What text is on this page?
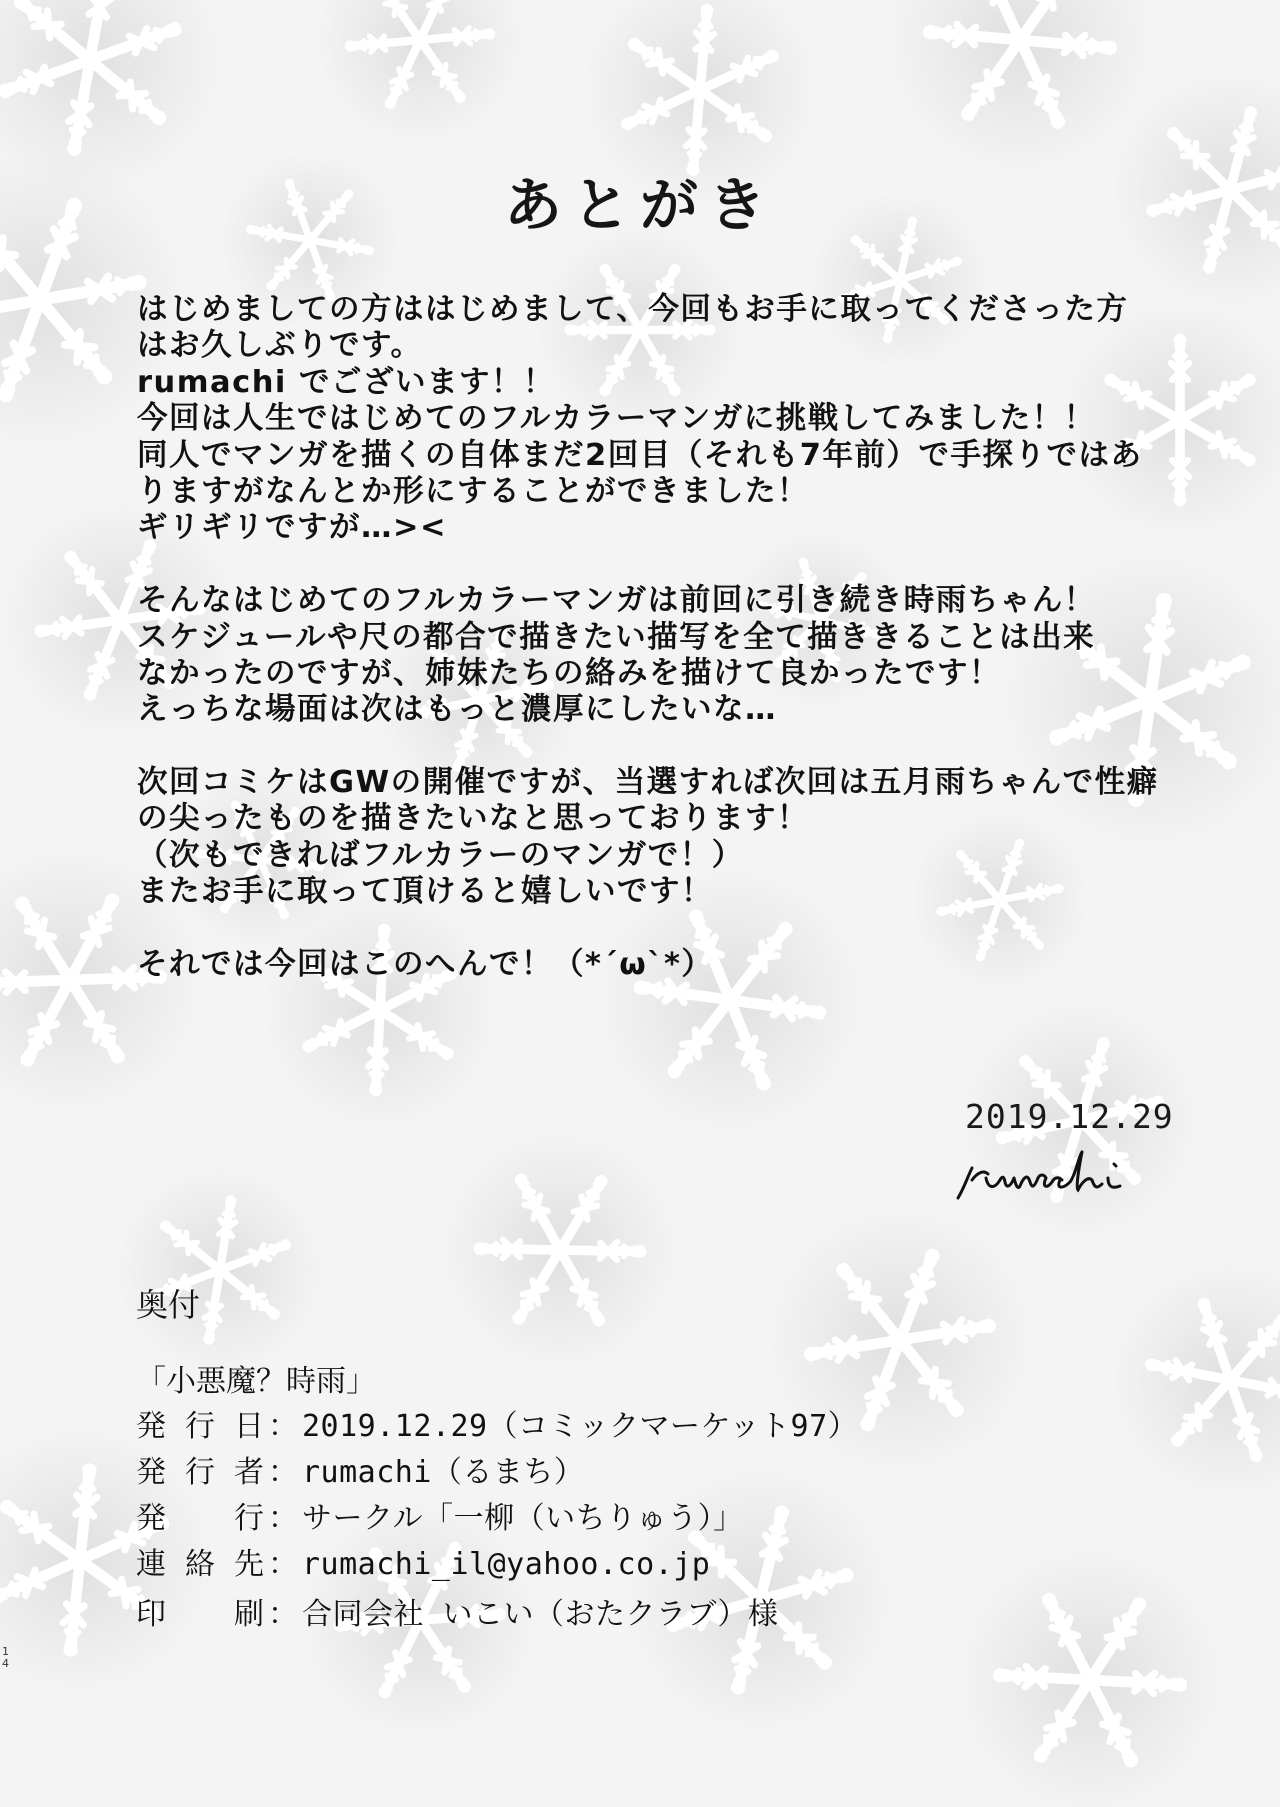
あとがき
はじめましての方ははじめまして、今回もお手に取ってくださった方
はお久しぶりです。
rumachi でございます！！
今回は人生ではじめてのフルカラーマンガに挑戦してみました！！
同人でマンガを描くの自体まだ2回目（それも7年前）で手探りではあ
りますがなんとか形にすることができました！
ギリギリですが…><
そんなはじめてのフルカラーマンガは前回に引き続き時雨ちゃん！
スケジュールや尺の都合で描きたい描写を全て描ききることは出来
なかったのですが、姉妹たちの絡みを描けて良かったです！
えっちな場面は次はもっと濃厚にしたいな…
次回コミケはGWの開催ですが、当選すれば次回は五月雨ちゃんで性癖
の尖ったものを描きたいなと思っております！
（次もできればフルカラーのマンガで！）
またお手に取って頂けると嬉しいです！
それでは今回はこのへんで！（*´ω`*）
2019.12.29
奥付
「小悪魔？時雨」
発行日 ： 2019.12.29（コミックマーケット97）
発行者 ： rumachi（るまち）
発行 ： サークル「一柳（いちりゅう）」
連絡先 ： rumachi_il@yahoo.co.jp
印刷 ： 合同会社 いこい（おたクラブ）様
1
4
